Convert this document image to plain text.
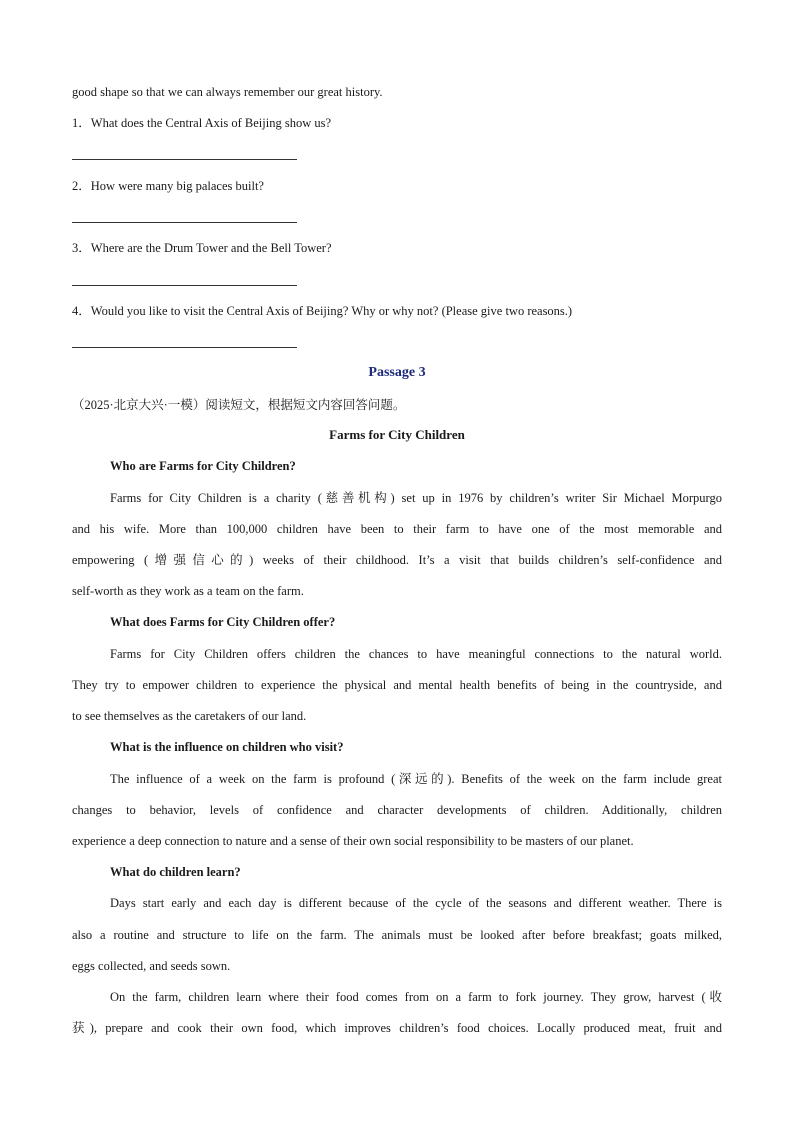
good shape so that we can always remember our great history.
1．What does the Central Axis of Beijing show us?
2．How were many big palaces built?
3．Where are the Drum Tower and the Bell Tower?
4．Would you like to visit the Central Axis of Beijing? Why or why not? (Please give two reasons.)
Passage 3
（2025·北京大兴·一模）阅读短文，根据短文内容回答问题。
Farms for City Children
Who are Farms for City Children?
Farms for City Children is a charity (慈善机构) set up in 1976 by children’s writer Sir Michael Morpurgo
and his wife. More than 100,000 children have been to their farm to have one of the most memorable and
empowering (增强信心的) weeks of their childhood. It’s a visit that builds children’s self-confidence and
self-worth as they work as a team on the farm.
What does Farms for City Children offer?
Farms for City Children offers children the chances to have meaningful connections to the natural world.
They try to empower children to experience the physical and mental health benefits of being in the countryside, and
to see themselves as the caretakers of our land.
What is the influence on children who visit?
The influence of a week on the farm is profound (深远的). Benefits of the week on the farm include great
changes to behavior, levels of confidence and character developments of children. Additionally, children
experience a deep connection to nature and a sense of their own social responsibility to be masters of our planet.
What do children learn?
Days start early and each day is different because of the cycle of the seasons and different weather. There is
also a routine and structure to life on the farm. The animals must be looked after before breakfast; goats milked,
eggs collected, and seeds sown.
On the farm, children learn where their food comes from on a farm to fork journey. They grow, harvest (收
获), prepare and cook their own food, which improves children’s food choices. Locally produced meat, fruit and
